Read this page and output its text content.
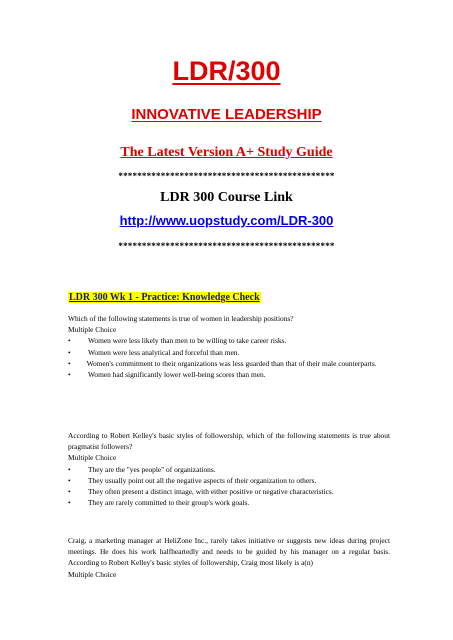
LDR/300
INNOVATIVE LEADERSHIP
The Latest Version A+ Study Guide
**********************************************
LDR 300 Course Link
http://www.uopstudy.com/LDR-300
**********************************************
LDR 300 Wk 1 - Practice: Knowledge Check

Which of the following statements is true of women in leadership positions?

Multiple Choice

• Women were less likely than men to be willing to take career risks.
• Women were less analytical and forceful than men.
• Women's commitment to their organizations was less guarded than that of their male counterparts.
• Women had significantly lower well-being scores than men.

According to Robert Kelley's basic styles of followership, which of the following statements is true about pragmatist followers?

Multiple Choice

• They are the "yes people" of organizations.
• They usually point out all the negative aspects of their organization to others.
• They often present a distinct image, with either positive or negative characteristics.
• They are rarely committed to their group's work goals.

Craig, a marketing manager at HeliZone Inc., rarely takes initiative or suggests new ideas during project meetings. He does his work halfheartedly and needs to be guided by his manager on a regular basis. According to Robert Kelley's basic styles of followership, Craig most likely is a(n)

Multiple Choice
